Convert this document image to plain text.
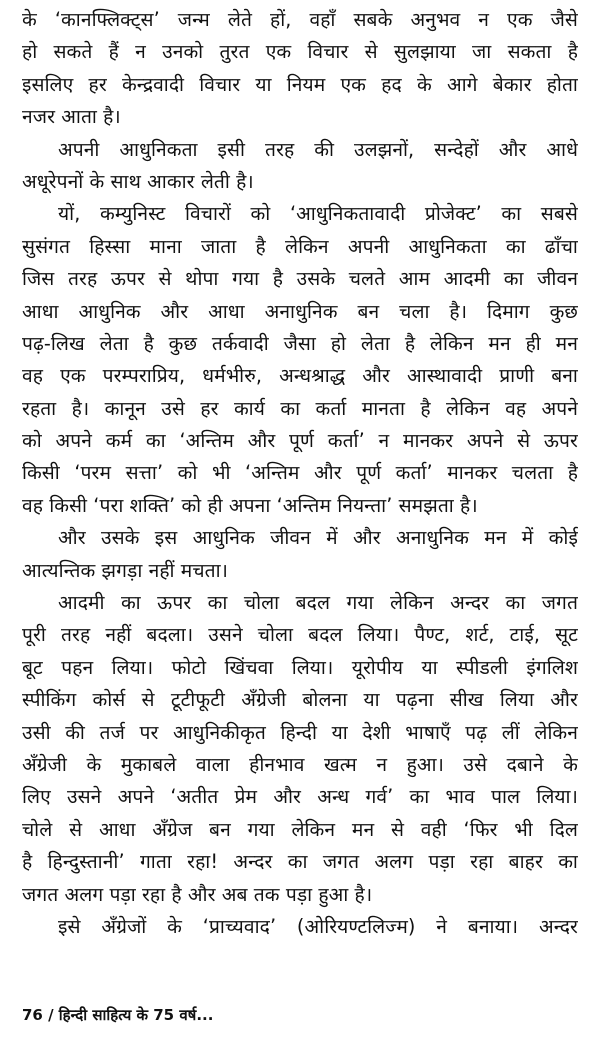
के ‘कानफ्लिक्ट्स’ जन्म लेते हों, वहाँ सबके अनुभव न एक जैसे
हो सकते हैं न उनको तुरत एक विचार से सुलझाया जा सकता है
इसलिए हर केन्द्रवादी विचार या नियम एक हद के आगे बेकार होता
नजर आता है।
अपनी आधुनिकता इसी तरह की उलझनों, सन्देहों और आधे
अधूरेपनों के साथ आकार लेती है।
यों, कम्युनिस्ट विचारों को ‘आधुनिकतावादी प्रोजेक्ट’ का सबसे
सुसंगत हिस्सा माना जाता है लेकिन अपनी आधुनिकता का ढाँचा
जिस तरह ऊपर से थोपा गया है उसके चलते आम आदमी का जीवन
आधा आधुनिक और आधा अनाधुनिक बन चला है। दिमाग कुछ
पढ़-लिख लेता है कुछ तर्कवादी जैसा हो लेता है लेकिन मन ही मन
वह एक परम्पराप्रिय, धर्मभीरु, अन्धश्राद्ध और आस्थावादी प्राणी बना
रहता है। कानून उसे हर कार्य का कर्ता मानता है लेकिन वह अपने
को अपने कर्म का ‘अन्तिम और पूर्ण कर्ता’ न मानकर अपने से ऊपर
किसी ‘परम सत्ता’ को भी ‘अन्तिम और पूर्ण कर्ता’ मानकर चलता है
वह किसी ‘परा शक्ति’ को ही अपना ‘अन्तिम नियन्ता’ समझता है।
और उसके इस आधुनिक जीवन में और अनाधुनिक मन में कोई
आत्यन्तिक झगड़ा नहीं मचता।
आदमी का ऊपर का चोला बदल गया लेकिन अन्दर का जगत
पूरी तरह नहीं बदला। उसने चोला बदल लिया। पैण्ट, शर्ट, टाई, सूट
बूट पहन लिया। फोटो खिंचवा लिया। यूरोपीय या स्पीडली इंगलिश
स्पीकिंग कोर्स से टूटीफूटी अँग्रेजी बोलना या पढ़ना सीख लिया और
उसी की तर्ज पर आधुनिकीकृत हिन्दी या देशी भाषाएँ पढ़ लीं लेकिन
अँग्रेजी के मुकाबले वाला हीनभाव खत्म न हुआ। उसे दबाने के
लिए उसने अपने ‘अतीत प्रेम और अन्ध गर्व’ का भाव पाल लिया।
चोले से आधा अँग्रेज बन गया लेकिन मन से वही ‘फिर भी दिल
है हिन्दुस्तानी’ गाता रहा! अन्दर का जगत अलग पड़ा रहा बाहर का
जगत अलग पड़ा रहा है और अब तक पड़ा हुआ है।
इसे अँग्रेजों के ‘प्राच्यवाद’ (ओरियण्टलिज्म) ने बनाया। अन्दर
76 / हिन्दी साहित्य के 75 वर्ष...
